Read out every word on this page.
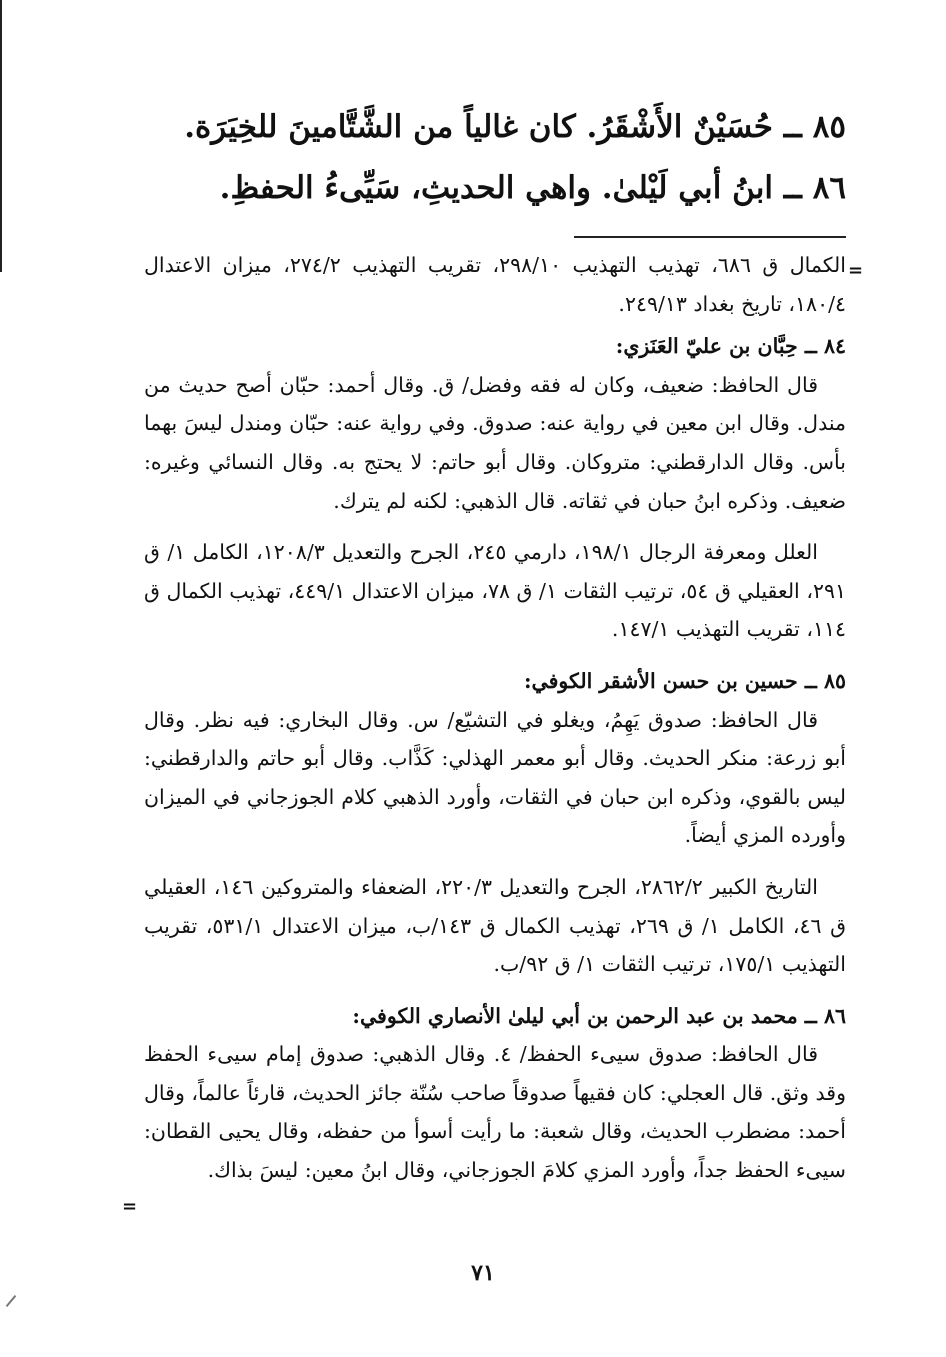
٨٥ ــ حُسَيْنٌ الأَشْقَرُ. كان غالياً من الشَّتَّامينَ للخِيَرَة.
٨٦ ــ ابنُ أبي لَيْلىٰ. واهي الحديثِ، سَيِّىءُ الحفظِ.
=

الكمال ق ٦٨٦، تهذيب التهذيب ٢٩٨/١٠، تقريب التهذيب ٢٧٤/٢، ميزان الاعتدال ١٨٠/٤، تاريخ بغداد ٢٤٩/١٣.

٨٤ ــ حِبَّان بن عليّ العَنَزي:

قال الحافظ: ضعيف، وكان له فقه وفضل/ ق. وقال أحمد: حبّان أصح حديث من مندل. وقال ابن معين في رواية عنه: صدوق. وفي رواية عنه: حبّان ومندل ليسَ بهما بأس. وقال الدارقطني: متروكان. وقال أبو حاتم: لا يحتج به. وقال النسائي وغيره: ضعيف. وذكره ابنُ حبان في ثقاته. قال الذهبي: لكنه لم يترك.

العلل ومعرفة الرجال ١٩٨/١، دارمي ٢٤٥، الجرح والتعديل ١٢٠٨/٣، الكامل ١/ ق ٢٩١، العقيلي ق ٥٤، ترتيب الثقات ١/ ق ٧٨، ميزان الاعتدال ٤٤٩/١، تهذيب الكمال ق ١١٤، تقريب التهذيب ١٤٧/١.

٨٥ ــ حسين بن حسن الأشقر الكوفي:

قال الحافظ: صدوق يَهِمُ، ويغلو في التشيّع/ س. وقال البخاري: فيه نظر. وقال أبو زرعة: منكر الحديث. وقال أبو معمر الهذلي: كَذَّاب. وقال أبو حاتم والدارقطني: ليس بالقوي، وذكره ابن حبان في الثقات، وأورد الذهبي كلام الجوزجاني في الميزان وأورده المزي أيضاً.

التاريخ الكبير ٢٨٦٢/٢، الجرح والتعديل ٢٢٠/٣، الضعفاء والمتروكين ١٤٦، العقيلي ق ٤٦، الكامل ١/ ق ٢٦٩، تهذيب الكمال ق ١٤٣/ب، ميزان الاعتدال ٥٣١/١، تقريب التهذيب ١٧٥/١، ترتيب الثقات ١/ ق ٩٢/ب.

٨٦ ــ محمد بن عبد الرحمن بن أبي ليلىٰ الأنصاري الكوفي:

قال الحافظ: صدوق سيىء الحفظ/ ٤. وقال الذهبي: صدوق إمام سيىء الحفظ وقد وثق. قال العجلي: كان فقيهاً صدوقاً صاحب سُنّة جائز الحديث، قارئاً عالماً، وقال أحمد: مضطرب الحديث، وقال شعبة: ما رأيت أسوأ من حفظه، وقال يحيى القطان: سيىء الحفظ جداً، وأورد المزي كلامَ الجوزجاني، وقال ابنُ معين: ليسَ بذاك.

=
٧١
